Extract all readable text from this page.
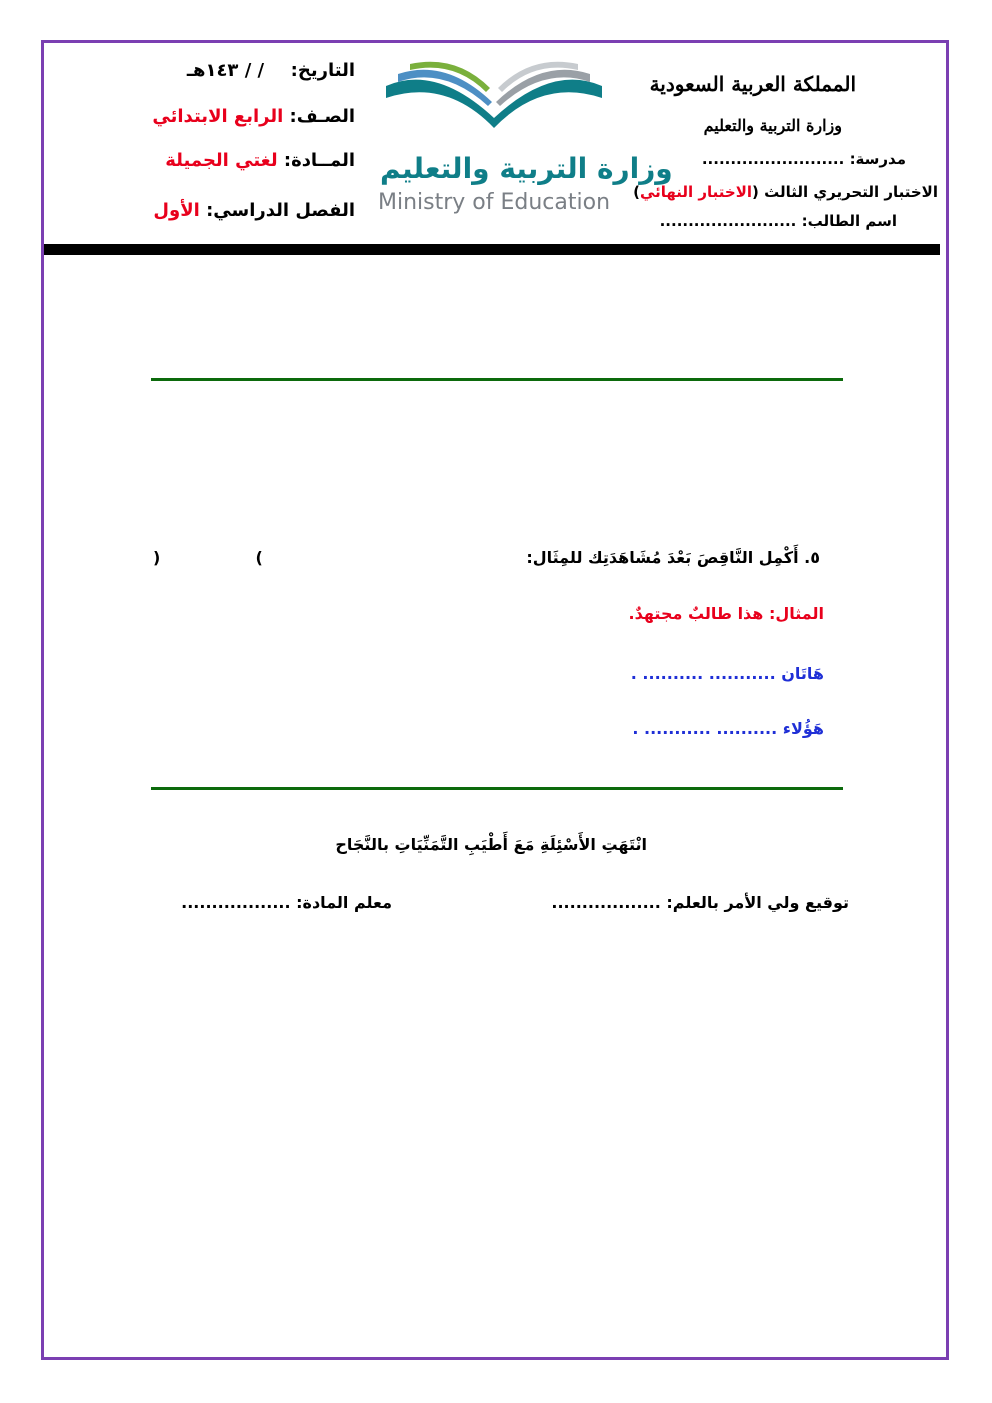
المملكة العربية السعودية
وزارة التربية والتعليم
مدرسة: .........................
الاختبار التحريري الثالث (الاختبار النهائي)
اسم الطالب: ........................
وزارة التربية والتعليم
Ministry of Education
التاريخ:  / / ١٤٣هـ
الصـف: الرابع الابتدائي
المــادة: لغتي الجميلة
الفصل الدراسي: الأول
٥. أَكْمِل النَّاقِصَ بَعْدَ مُشَاهَدَتِك للمِثَال:
)  (
المثال: هذا طالبٌ مجتهدٌ.
هَاتَان ........... .......... .
هَؤُلاء .......... ........... .
انْتَهَتِ الأَسْئِلَةِ مَعَ أَطْيَبِ التَّمَنِّيَاتِ بالنَّجَاح
توقيع ولي الأمر بالعلم: ..................
معلم المادة: ..................
